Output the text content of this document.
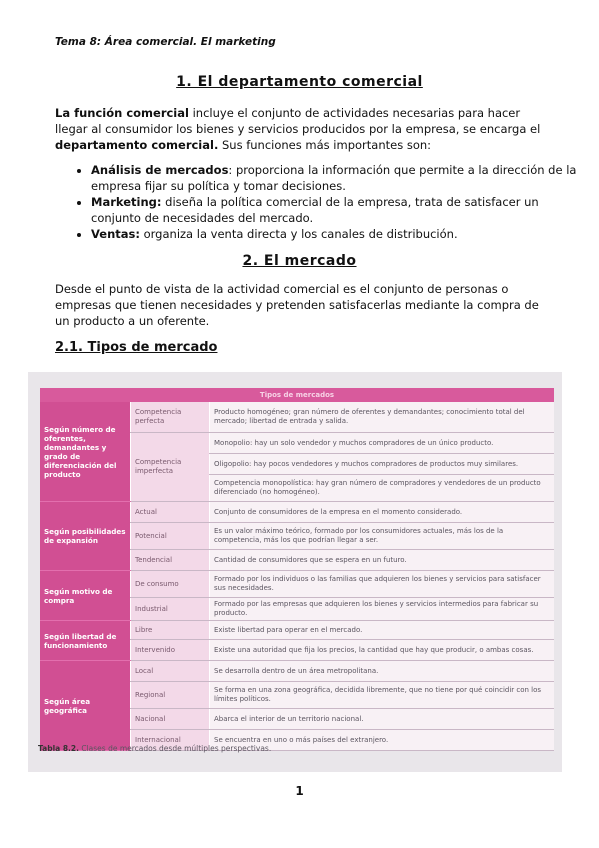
Tema 8: Área comercial. El marketing
1. El departamento comercial
La función comercial incluye el conjunto de actividades necesarias para hacer llegar al consumidor los bienes y servicios producidos por la empresa, se encarga el departamento comercial. Sus funciones más importantes son:
• Análisis de mercados: proporciona la información que permite a la dirección de la empresa fijar su política y tomar decisiones.
• Marketing: diseña la política comercial de la empresa, trata de satisfacer un conjunto de necesidades del mercado.
• Ventas: organiza la venta directa y los canales de distribución.
2. El mercado
Desde el punto de vista de la actividad comercial es el conjunto de personas o empresas que tienen necesidades y pretenden satisfacerlas mediante la compra de un producto a un oferente.
2.1. Tipos de mercado
Tipos de mercados		
Según número de oferentes, demandantes y grado de diferenciación del producto	Competencia perfecta	Producto homogéneo; gran número de oferentes y demandantes; conocimiento total del mercado; libertad de entrada y salida.
	Competencia imperfecta	Monopolio: hay un solo vendedor y muchos compradores de un único producto.
		Oligopolio: hay pocos vendedores y muchos compradores de productos muy similares.
		Competencia monopolística: hay gran número de compradores y vendedores de un producto diferenciado (no homogéneo).
Según posibilidades de expansión	Actual	Conjunto de consumidores de la empresa en el momento considerado.
	Potencial	Es un valor máximo teórico, formado por los consumidores actuales, más los de la competencia, más los que podrían llegar a ser.
	Tendencial	Cantidad de consumidores que se espera en un futuro.
Según motivo de compra	De consumo	Formado por los individuos o las familias que adquieren los bienes y servicios para satisfacer sus necesidades.
	Industrial	Formado por las empresas que adquieren los bienes y servicios intermedios para fabricar su producto.
Según libertad de funcionamiento	Libre	Existe libertad para operar en el mercado.
	Intervenido	Existe una autoridad que fija los precios, la cantidad que hay que producir, o ambas cosas.
Según área geográfica	Local	Se desarrolla dentro de un área metropolitana.
	Regional	Se forma en una zona geográfica, decidida libremente, que no tiene por qué coincidir con los límites políticos.
	Nacional	Abarca el interior de un territorio nacional.
	Internacional	Se encuentra en uno o más países del extranjero.
Tabla 8.2. Clases de mercados desde múltiples perspectivas.
1
